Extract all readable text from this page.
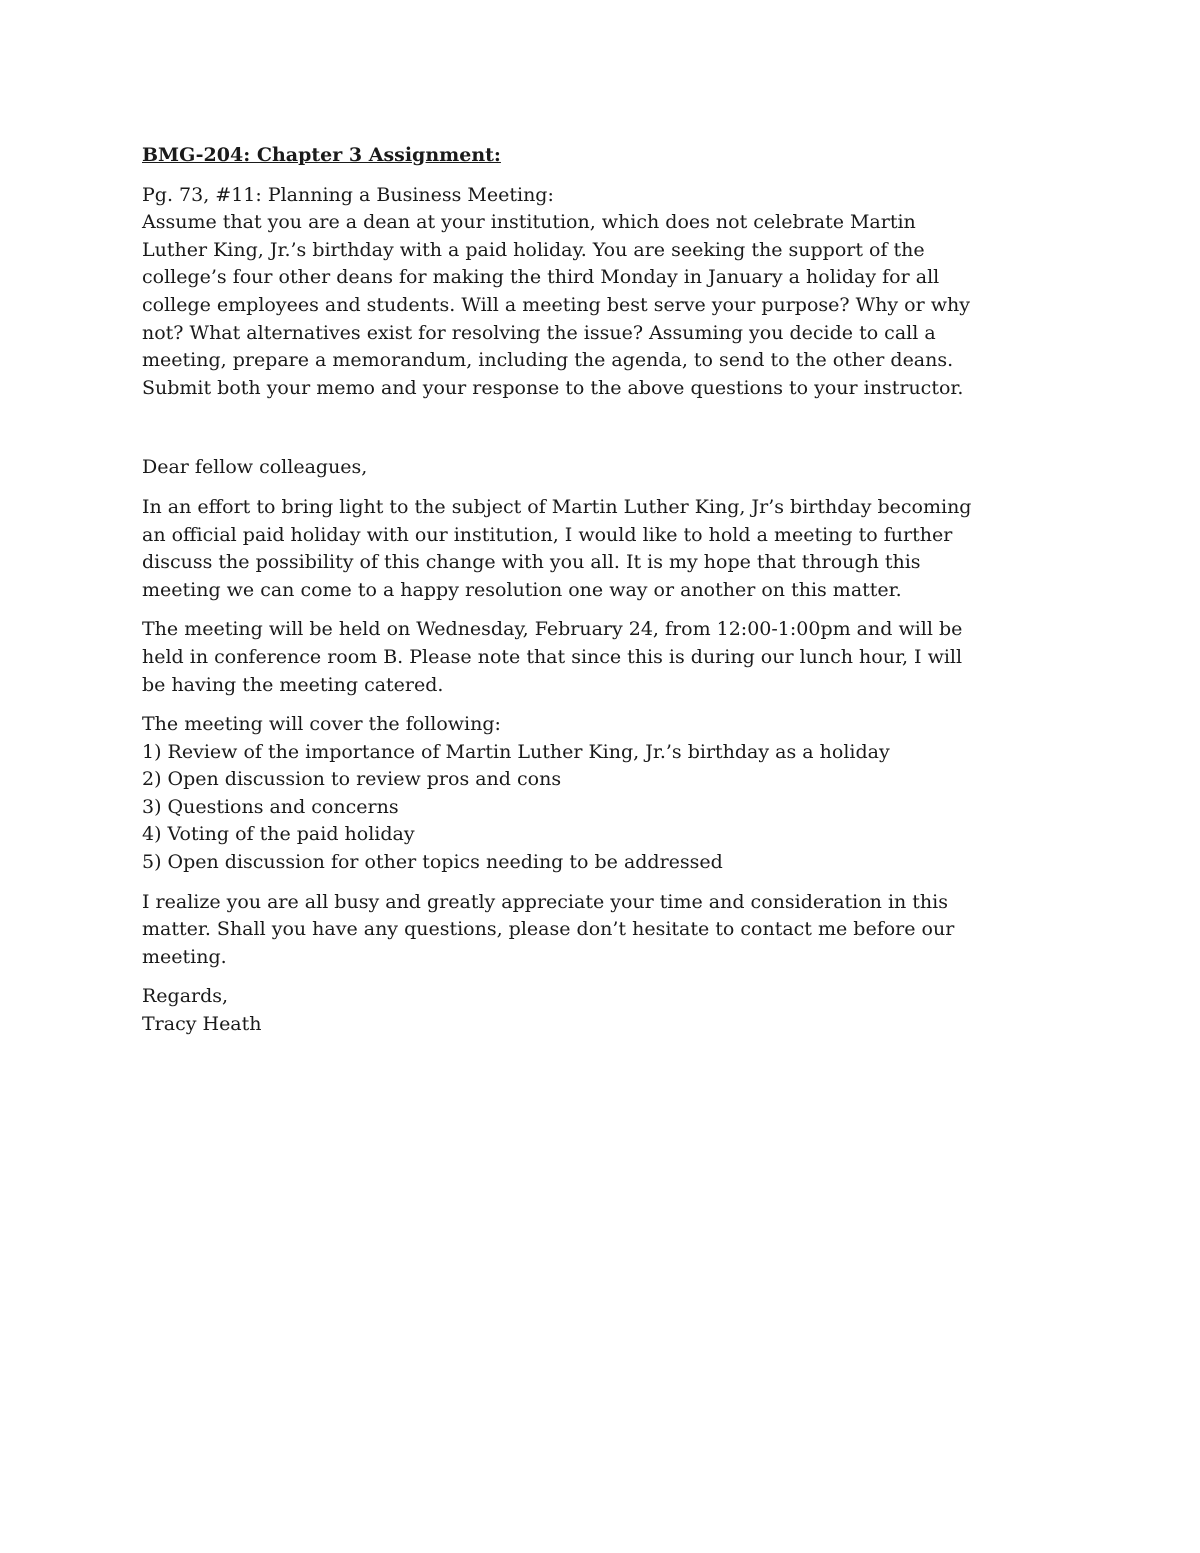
BMG-204: Chapter 3 Assignment:
Pg. 73, #11: Planning a Business Meeting:
Assume that you are a dean at your institution, which does not celebrate Martin
Luther King, Jr.’s birthday with a paid holiday. You are seeking the support of the
college’s four other deans for making the third Monday in January a holiday for all
college employees and students. Will a meeting best serve your purpose? Why or why
not? What alternatives exist for resolving the issue? Assuming you decide to call a
meeting, prepare a memorandum, including the agenda, to send to the other deans.
Submit both your memo and your response to the above questions to your instructor.
Dear fellow colleagues,
In an effort to bring light to the subject of Martin Luther King, Jr’s birthday becoming
an official paid holiday with our institution, I would like to hold a meeting to further
discuss the possibility of this change with you all. It is my hope that through this
meeting we can come to a happy resolution one way or another on this matter.
The meeting will be held on Wednesday, February 24, from 12:00-1:00pm and will be
held in conference room B. Please note that since this is during our lunch hour, I will
be having the meeting catered.
The meeting will cover the following:
1) Review of the importance of Martin Luther King, Jr.’s birthday as a holiday
2) Open discussion to review pros and cons
3) Questions and concerns
4) Voting of the paid holiday
5) Open discussion for other topics needing to be addressed
I realize you are all busy and greatly appreciate your time and consideration in this
matter. Shall you have any questions, please don’t hesitate to contact me before our
meeting.
Regards,
Tracy Heath
